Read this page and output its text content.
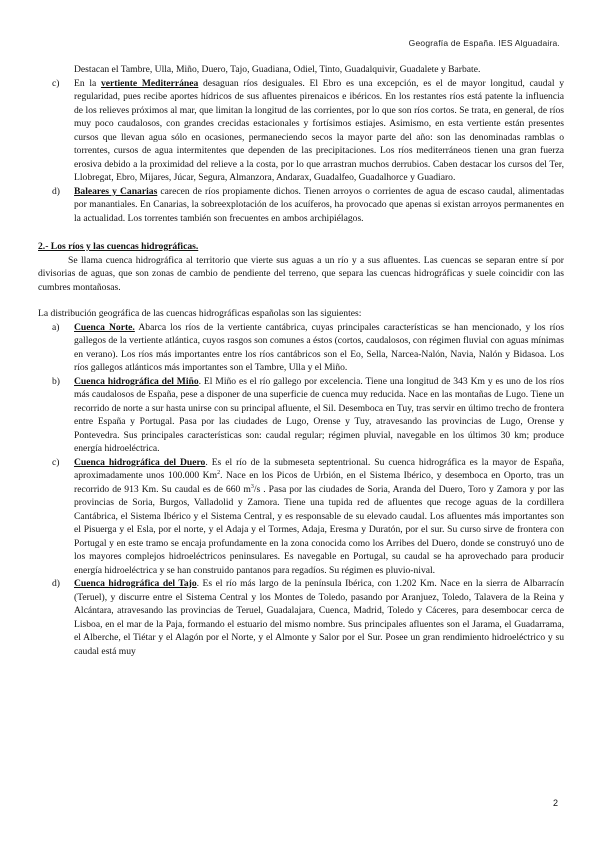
Geografía de España. IES Alguadaira.

Destacan el Tambre, Ulla, Miño, Duero, Tajo, Guadiana, Odiel, Tinto, Guadalquivir, Guadalete y Barbate.

c) En la vertiente Mediterránea desaguan ríos desiguales. El Ebro es una excepción, es el de mayor longitud, caudal y regularidad, pues recibe aportes hídricos de sus afluentes pirenaicos e ibéricos. En los restantes ríos está patente la influencia de los relieves próximos al mar, que limitan la longitud de las corrientes, por lo que son ríos cortos. Se trata, en general, de ríos muy poco caudalosos, con grandes crecidas estacionales y fortísimos estiajes. Asimismo, en esta vertiente están presentes cursos que llevan agua sólo en ocasiones, permaneciendo secos la mayor parte del año: son las denominadas ramblas o torrentes, cursos de agua intermitentes que dependen de las precipitaciones. Los ríos mediterráneos tienen una gran fuerza erosiva debido a la proximidad del relieve a la costa, por lo que arrastran muchos derrubios. Caben destacar los cursos del Ter, Llobregat, Ebro, Mijares, Júcar, Segura, Almanzora, Andarax, Guadalfeo, Guadalhorce y Guadiaro.
d) Baleares y Canarias carecen de ríos propiamente dichos. Tienen arroyos o corrientes de agua de escaso caudal, alimentadas por manantiales. En Canarias, la sobreexplotación de los acuíferos, ha provocado que apenas si existan arroyos permanentes en la actualidad. Los torrentes también son frecuentes en ambos archipiélagos.

2.- Los ríos y las cuencas hidrográficas.

Se llama cuenca hidrográfica al territorio que vierte sus aguas a un río y a sus afluentes. Las cuencas se separan entre sí por divisorias de aguas, que son zonas de cambio de pendiente del terreno, que separa las cuencas hidrográficas y suele coincidir con las cumbres montañosas.

La distribución geográfica de las cuencas hidrográficas españolas son las siguientes:

a) Cuenca Norte. Abarca los ríos de la vertiente cantábrica, cuyas principales características se han mencionado, y los ríos gallegos de la vertiente atlántica, cuyos rasgos son comunes a éstos (cortos, caudalosos, con régimen fluvial con aguas mínimas en verano). Los ríos más importantes entre los ríos cantábricos son el Eo, Sella, Narcea-Nalón, Navia, Nalón y Bidasoa. Los ríos gallegos atlánticos más importantes son el Tambre, Ulla y el Miño.
b) Cuenca hidrográfica del Miño. El Miño es el río gallego por excelencia. Tiene una longitud de 343 Km y es uno de los ríos más caudalosos de España, pese a disponer de una superficie de cuenca muy reducida. Nace en las montañas de Lugo. Tiene un recorrido de norte a sur hasta unirse con su principal afluente, el Sil. Desemboca en Tuy, tras servir en último trecho de frontera entre España y Portugal. Pasa por las ciudades de Lugo, Orense y Tuy, atravesando las provincias de Lugo, Orense y Pontevedra. Sus principales características son: caudal regular; régimen pluvial, navegable en los últimos 30 km; produce energía hidroeléctrica.
c) Cuenca hidrográfica del Duero. Es el río de la submeseta septentrional. Su cuenca hidrográfica es la mayor de España, aproximadamente unos 100.000 Km$^2$. Nace en los Picos de Urbión, en el Sistema Ibérico, y desemboca en Oporto, tras un recorrido de 913 Km. Su caudal es de 660 $m^3/s$ . Pasa por las ciudades de Soria, Aranda del Duero, Toro y Zamora y por las provincias de Soria, Burgos, Valladolid y Zamora. Tiene una tupida red de afluentes que recoge aguas de la cordillera Cantábrica, el Sistema Ibérico y el Sistema Central, y es responsable de su elevado caudal. Los afluentes más importantes son el Pisuerga y el Esla, por el norte, y el Adaja y el Tormes, Adaja, Eresma y Duratón, por el sur. Su curso sirve de frontera con Portugal y en este tramo se encaja profundamente en la zona conocida como los Arribes del Duero, donde se construyó uno de los mayores complejos hidroeléctricos peninsulares. Es navegable en Portugal, su caudal se ha aprovechado para producir energía hidroeléctrica y se han construido pantanos para regadíos. Su régimen es pluvio-nival.
d) Cuenca hidrográfica del Tajo. Es el río más largo de la península Ibérica, con 1.202 Km. Nace en la sierra de Albarracín (Teruel), y discurre entre el Sistema Central y los Montes de Toledo, pasando por Aranjuez, Toledo, Talavera de la Reina y Alcántara, atravesando las provincias de Teruel, Guadalajara, Cuenca, Madrid, Toledo y Cáceres, para desembocar cerca de Lisboa, en el mar de la Paja, formando el estuario del mismo nombre. Sus principales afluentes son el Jarama, el Guadarrama, el Alberche, el Tiétar y el Alagón por el Norte, y el Almonte y Salor por el Sur. Posee un gran rendimiento hidroeléctrico y su caudal está muy
2
